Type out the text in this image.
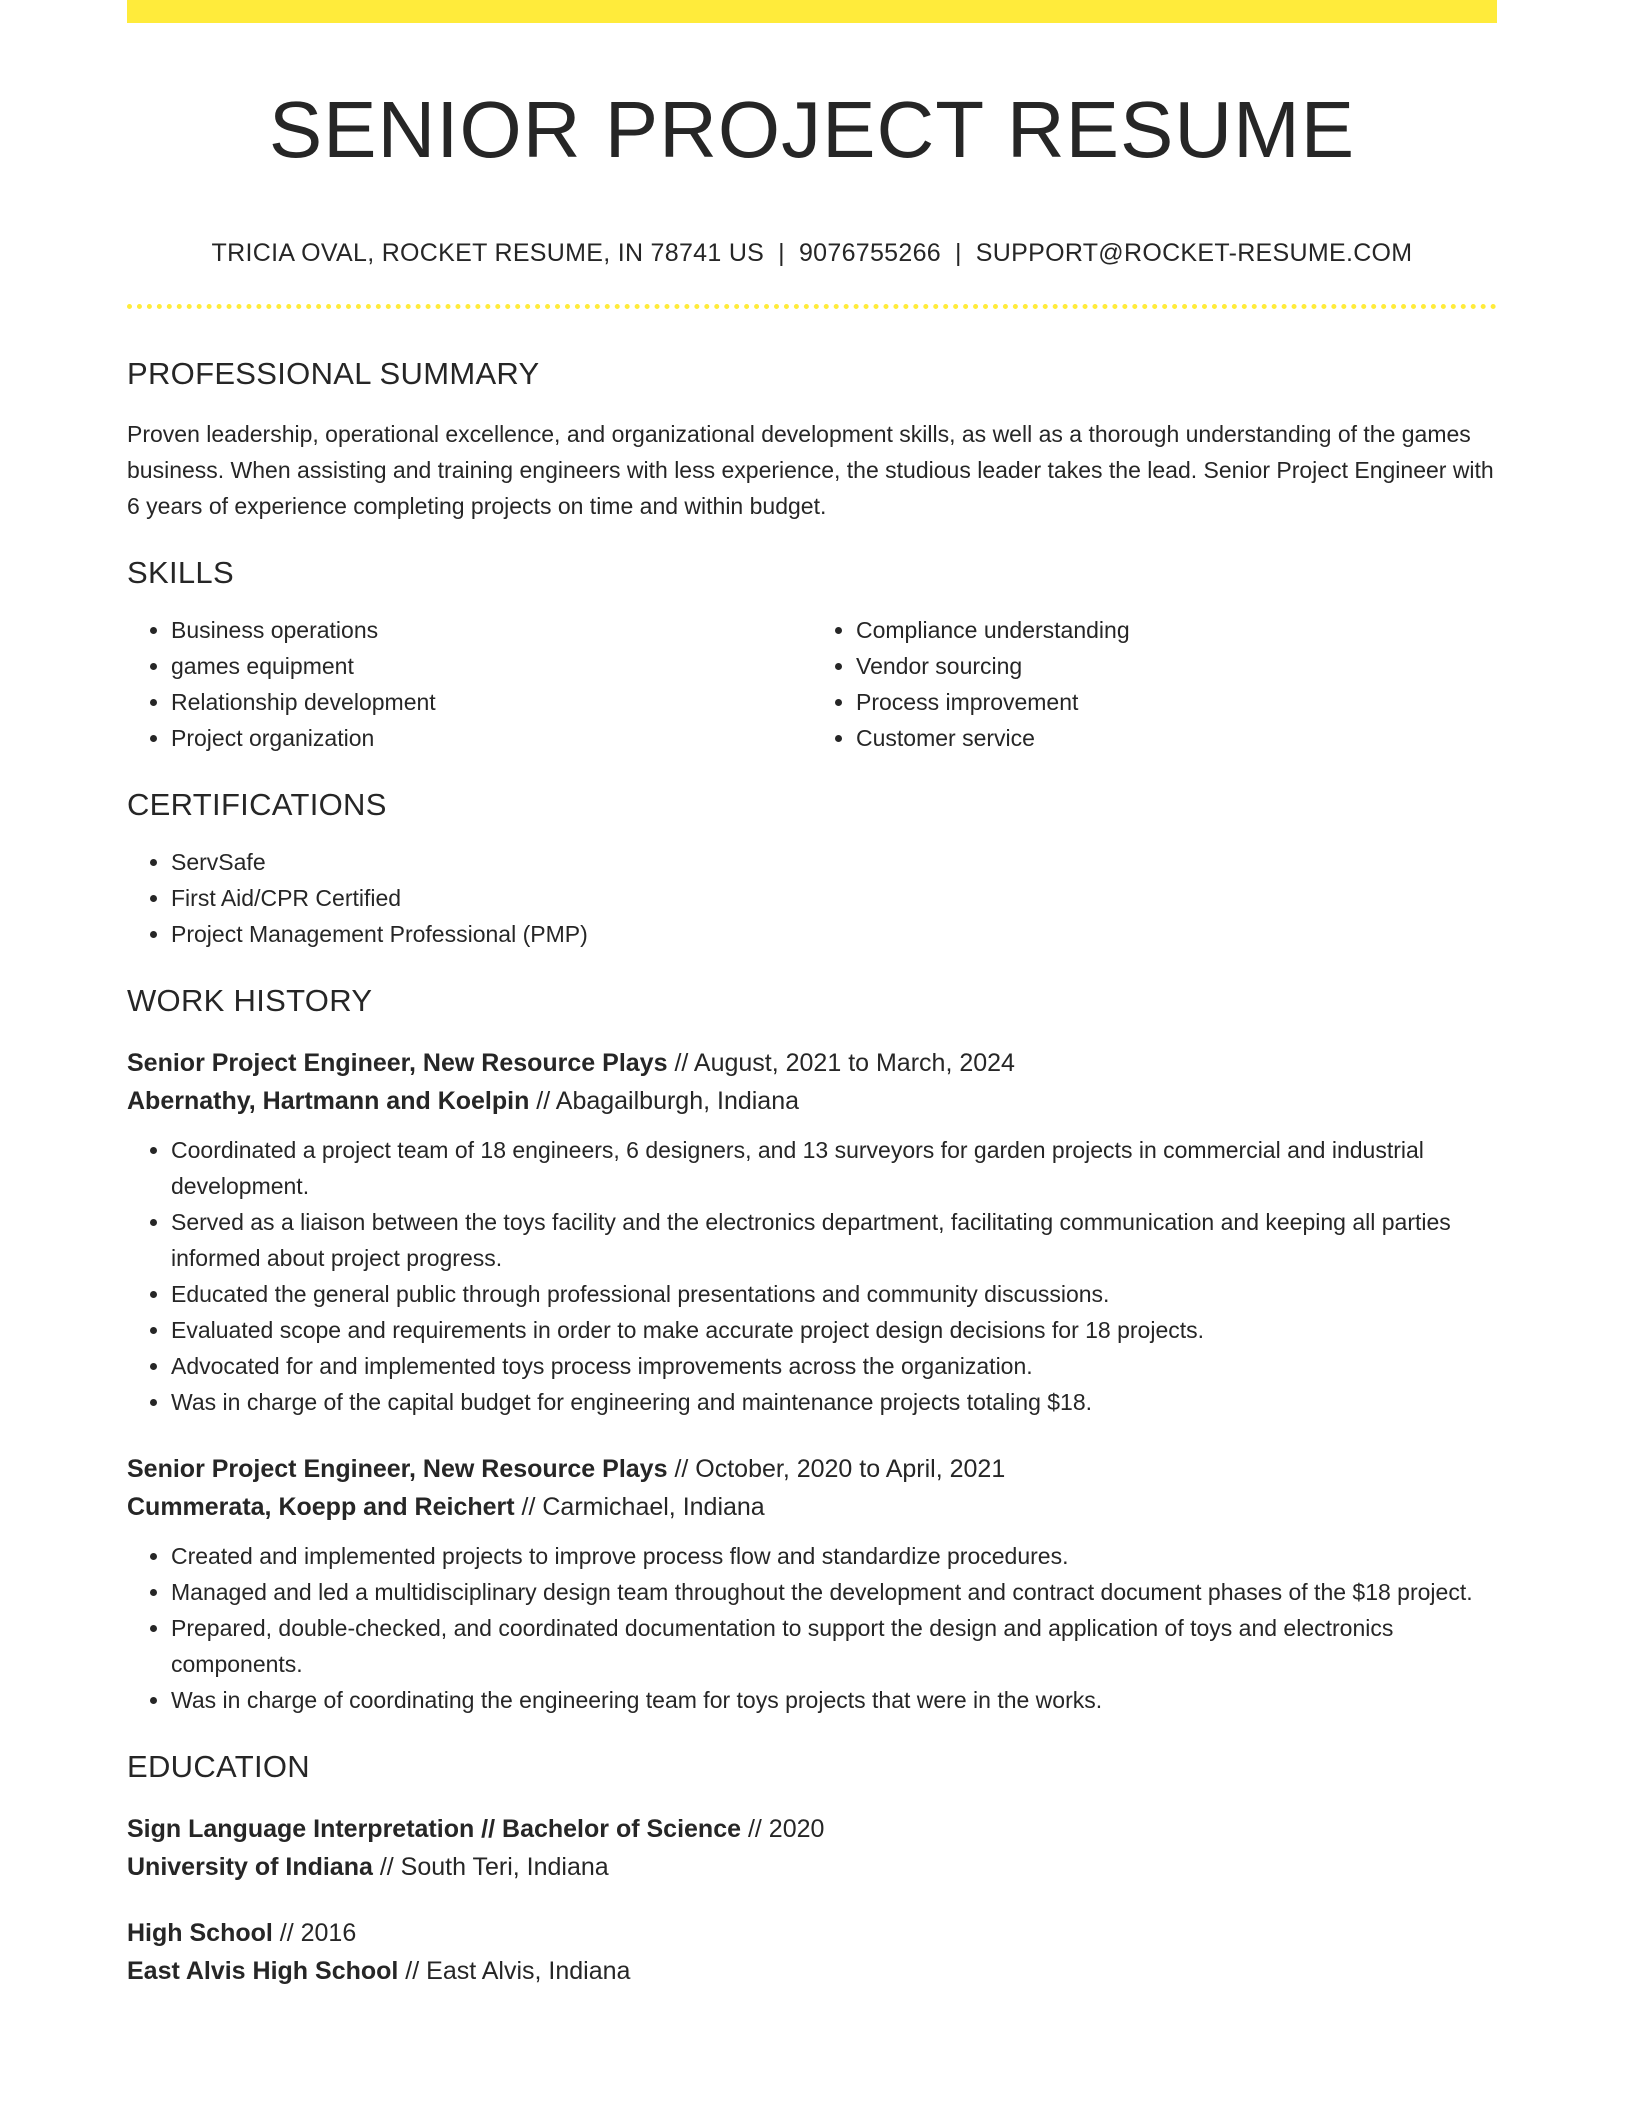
SENIOR PROJECT RESUME
TRICIA OVAL, ROCKET RESUME, IN 78741 US | 9076755266 | SUPPORT@ROCKET-RESUME.COM
PROFESSIONAL SUMMARY

Proven leadership, operational excellence, and organizational development skills, as well as a thorough understanding of the games business. When assisting and training engineers with less experience, the studious leader takes the lead. Senior Project Engineer with 6 years of experience completing projects on time and within budget.

SKILLS
• Business operations
• games equipment
• Relationship development
• Project organization
• Compliance understanding
• Vendor sourcing
• Process improvement
• Customer service
CERTIFICATIONS
• ServSafe
• First Aid/CPR Certified
• Project Management Professional (PMP)
WORK HISTORY
Senior Project Engineer, New Resource Plays // August, 2021 to March, 2024
Abernathy, Hartmann and Koelpin // Abagailburgh, Indiana
• Coordinated a project team of 18 engineers, 6 designers, and 13 surveyors for garden projects in commercial and industrial development.
• Served as a liaison between the toys facility and the electronics department, facilitating communication and keeping all parties informed about project progress.
• Educated the general public through professional presentations and community discussions.
• Evaluated scope and requirements in order to make accurate project design decisions for 18 projects.
• Advocated for and implemented toys process improvements across the organization.
• Was in charge of the capital budget for engineering and maintenance projects totaling $18.
Senior Project Engineer, New Resource Plays // October, 2020 to April, 2021
Cummerata, Koepp and Reichert // Carmichael, Indiana
• Created and implemented projects to improve process flow and standardize procedures.
• Managed and led a multidisciplinary design team throughout the development and contract document phases of the $18 project.
• Prepared, double-checked, and coordinated documentation to support the design and application of toys and electronics components.
• Was in charge of coordinating the engineering team for toys projects that were in the works.
EDUCATION
Sign Language Interpretation // Bachelor of Science // 2020
University of Indiana // South Teri, Indiana
High School // 2016
East Alvis High School // East Alvis, Indiana
